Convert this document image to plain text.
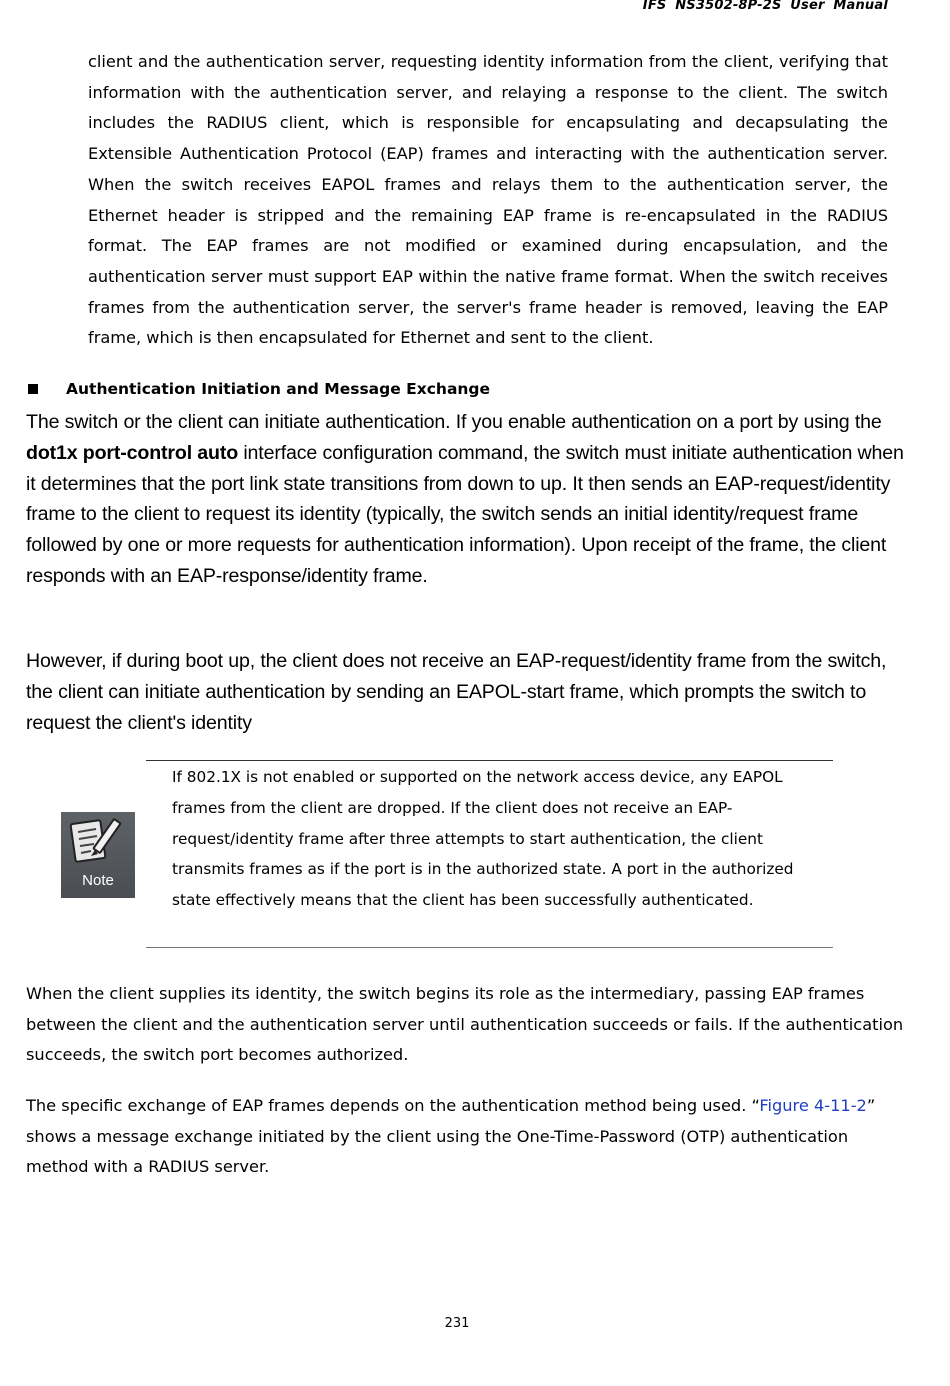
IFS NS3502-8P-2S User Manual
client and the authentication server, requesting identity information from the client, verifying that information with the authentication server, and relaying a response to the client. The switch includes the RADIUS client, which is responsible for encapsulating and decapsulating the Extensible Authentication Protocol (EAP) frames and interacting with the authentication server. When the switch receives EAPOL frames and relays them to the authentication server, the Ethernet header is stripped and the remaining EAP frame is re-encapsulated in the RADIUS format. The EAP frames are not modified or examined during encapsulation, and the authentication server must support EAP within the native frame format. When the switch receives frames from the authentication server, the server's frame header is removed, leaving the EAP frame, which is then encapsulated for Ethernet and sent to the client.
Authentication Initiation and Message Exchange
The switch or the client can initiate authentication. If you enable authentication on a port by using the dot1x port-control auto interface configuration command, the switch must initiate authentication when it determines that the port link state transitions from down to up. It then sends an EAP-request/identity frame to the client to request its identity (typically, the switch sends an initial identity/request frame followed by one or more requests for authentication information). Upon receipt of the frame, the client responds with an EAP-response/identity frame.
However, if during boot up, the client does not receive an EAP-request/identity frame from the switch, the client can initiate authentication by sending an EAPOL-start frame, which prompts the switch to request the client's identity
Note
If 802.1X is not enabled or supported on the network access device, any EAPOL frames from the client are dropped. If the client does not receive an EAP-request/identity frame after three attempts to start authentication, the client transmits frames as if the port is in the authorized state. A port in the authorized state effectively means that the client has been successfully authenticated.
When the client supplies its identity, the switch begins its role as the intermediary, passing EAP frames between the client and the authentication server until authentication succeeds or fails. If the authentication succeeds, the switch port becomes authorized.
The specific exchange of EAP frames depends on the authentication method being used. “Figure 4-11-2” shows a message exchange initiated by the client using the One-Time-Password (OTP) authentication method with a RADIUS server.
231
